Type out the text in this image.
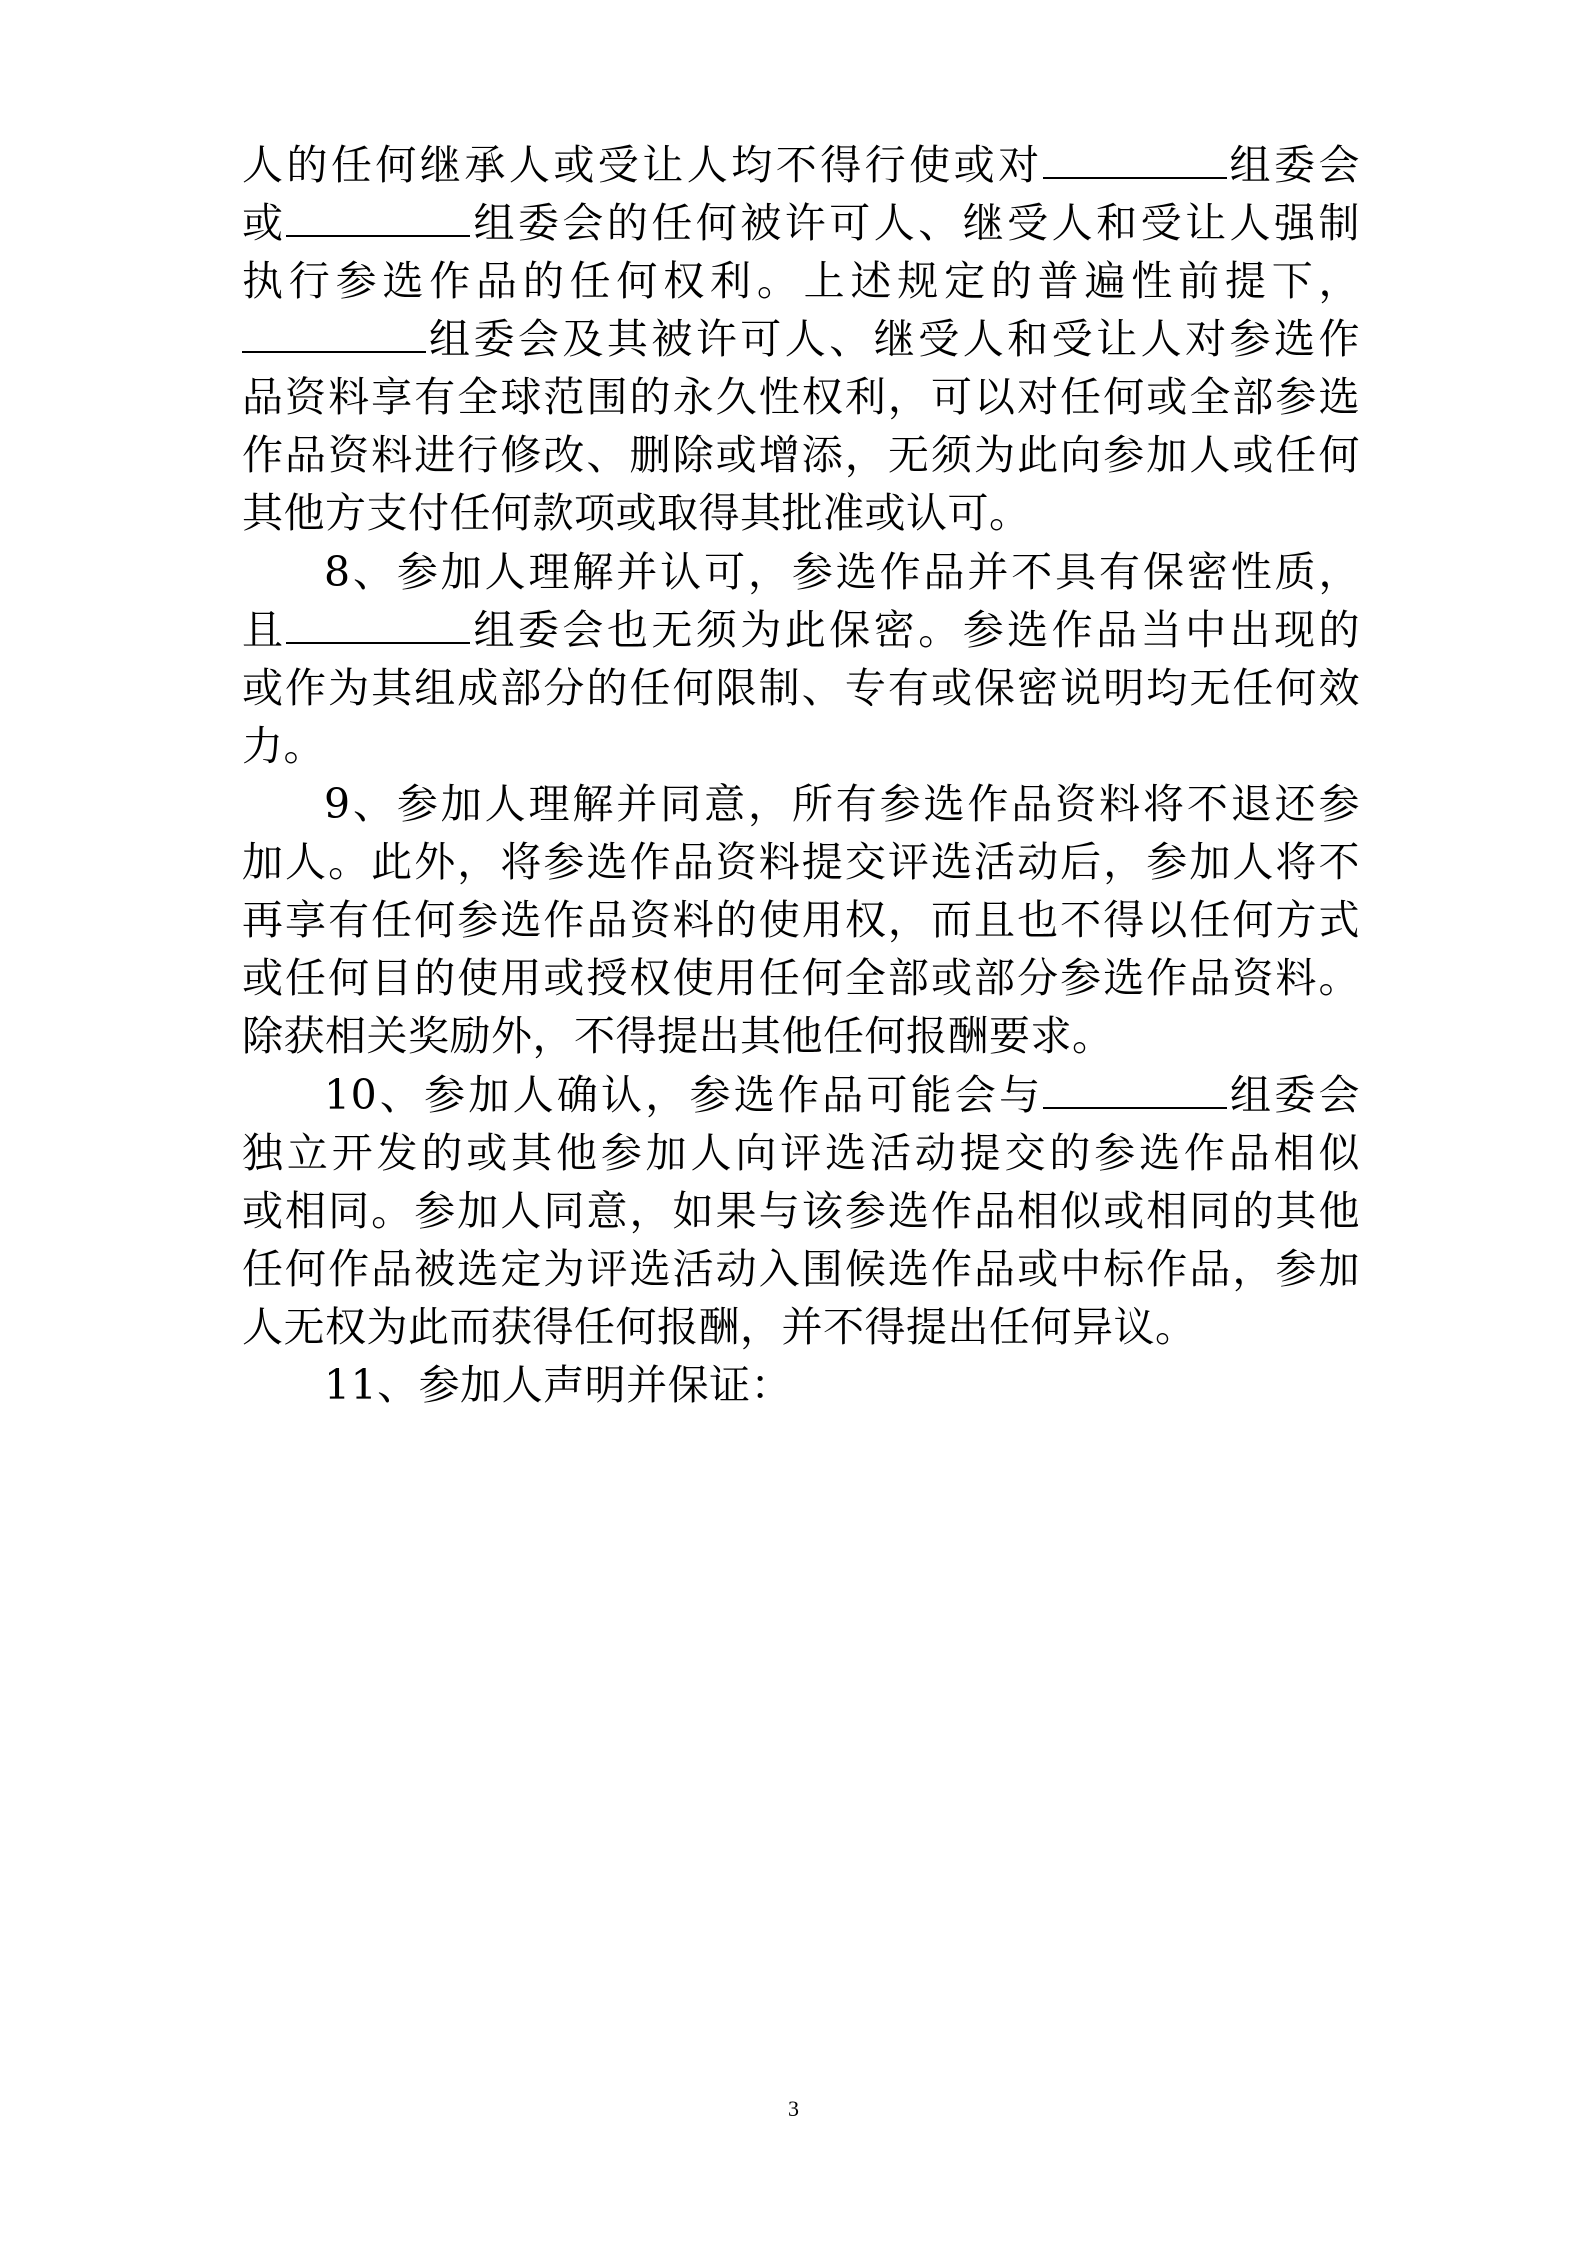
人的任何继承人或受让人均不得行使或对	组委会
或	组委会的任何被许可人、继受人和受让人强制
执行参选作品的任何权利。上述规定的普遍性前提下，
组委会及其被许可人、继受人和受让人对参选作
品资料享有全球范围的永久性权利，可以对任何或全部参选
作品资料进行修改、删除或增添，无须为此向参加人或任何
其他方支付任何款项或取得其批准或认可。
8、参加人理解并认可，参选作品并不具有保密性质，
且	组委会也无须为此保密。参选作品当中出现的
或作为其组成部分的任何限制、专有或保密说明均无任何效
力。
9、参加人理解并同意，所有参选作品资料将不退还参
加人。此外，将参选作品资料提交评选活动后，参加人将不
再享有任何参选作品资料的使用权，而且也不得以任何方式
或任何目的使用或授权使用任何全部或部分参选作品资料。
除获相关奖励外，不得提出其他任何报酬要求。
10、参加人确认，参选作品可能会与	组委会
独立开发的或其他参加人向评选活动提交的参选作品相似
或相同。参加人同意，如果与该参选作品相似或相同的其他
任何作品被选定为评选活动入围候选作品或中标作品，参加
人无权为此而获得任何报酬，并不得提出任何异议。
11、参加人声明并保证：
3
